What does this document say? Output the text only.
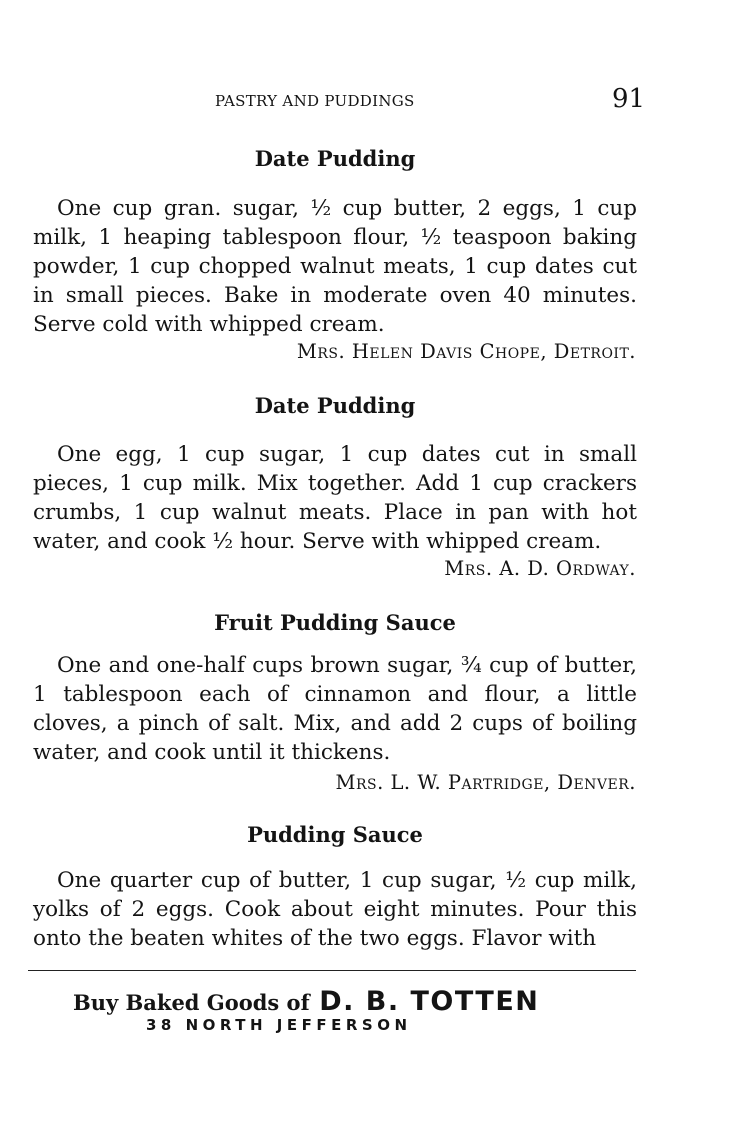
PASTRY AND PUDDINGS	91
Date Pudding
One cup gran. sugar, ½ cup butter, 2 eggs, 1 cup milk, 1 heaping tablespoon flour, ½ teaspoon baking powder, 1 cup chopped walnut meats, 1 cup dates cut in small pieces. Bake in moderate oven 40 minutes. Serve cold with whipped cream.
Mrs. Helen Davis Chope, Detroit.
Date Pudding
One egg, 1 cup sugar, 1 cup dates cut in small pieces, 1 cup milk. Mix together. Add 1 cup crackers crumbs, 1 cup walnut meats. Place in pan with hot water, and cook ½ hour. Serve with whipped cream.
Mrs. A. D. Ordway.
Fruit Pudding Sauce
One and one-half cups brown sugar, ¾ cup of butter, 1 tablespoon each of cinnamon and flour, a little cloves, a pinch of salt. Mix, and add 2 cups of boiling water, and cook until it thickens.
Mrs. L. W. Partridge, Denver.
Pudding Sauce
One quarter cup of butter, 1 cup sugar, ½ cup milk, yolks of 2 eggs. Cook about eight minutes. Pour this onto the beaten whites of the two eggs. Flavor with
Buy Baked Goods of D. B. TOTTEN
38 NORTH JEFFERSON
